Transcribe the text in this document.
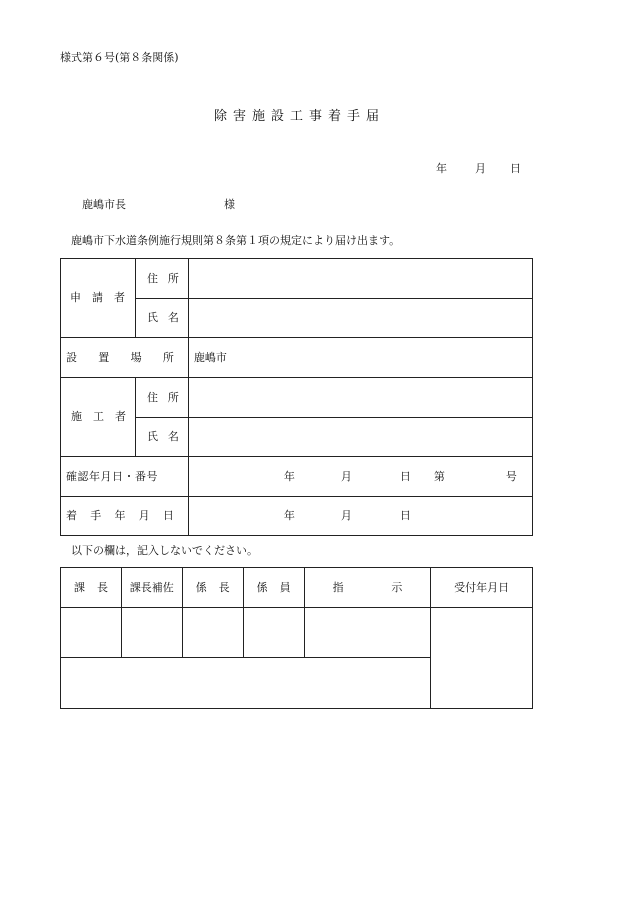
様式第６号(第８条関係)
除害施設工事着手届
年	月 日
鹿嶋市長	様
鹿嶋市下水道条例施行規則第８条第１項の規定により届け出ます。
申 請 者	住 所	

	氏 名	

設 置 場 所		鹿嶋市

施 工 者	住 所	

	氏 名	

確認年月日・番号		年 月 日 第 号

着 手 年 月 日		年 月 日
以下の欄は，記入しないでください。
課 長	課長補佐	係 長	係 員	指 示	受付年月日
